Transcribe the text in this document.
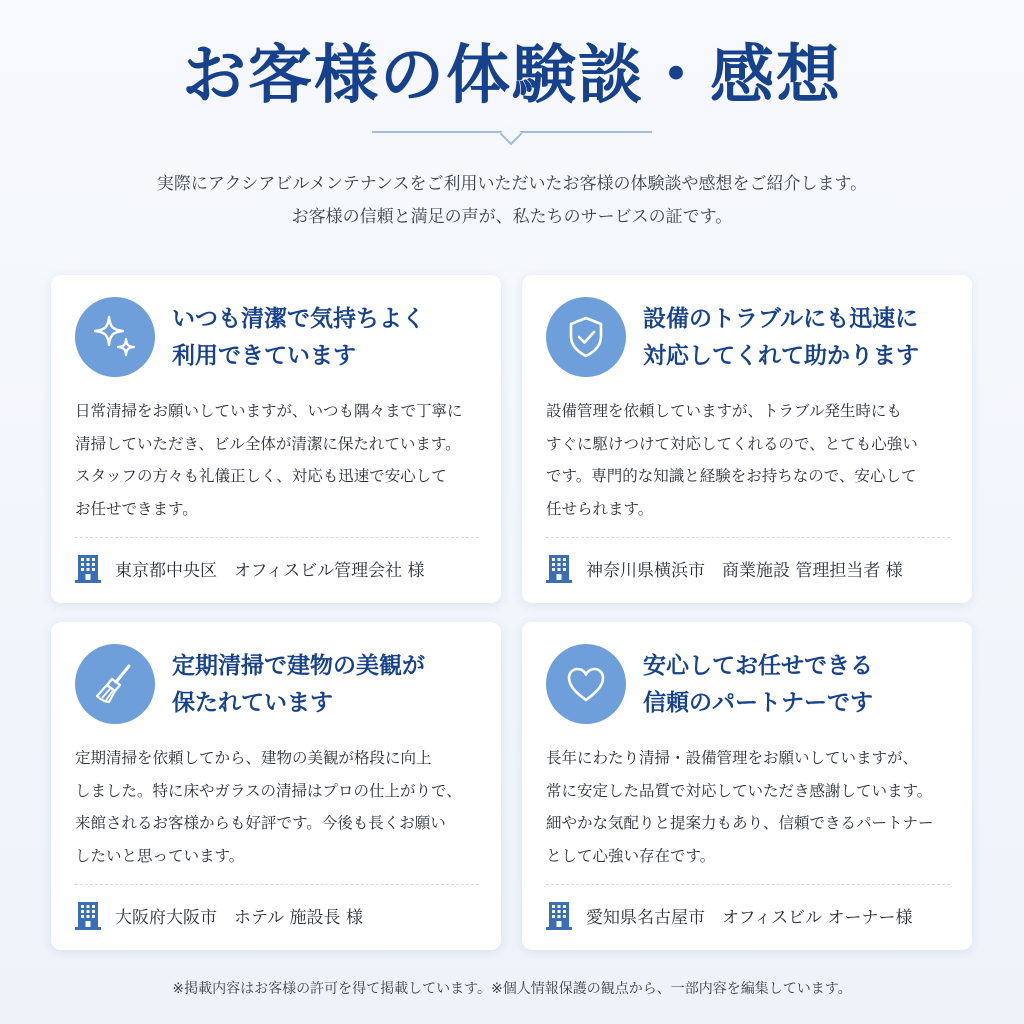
お客様の体験談・感想
実際にアクシアビルメンテナンスをご利用いただいたお客様の体験談や感想をご紹介します。
お客様の信頼と満足の声が、私たちのサービスの証です。
いつも清潔で気持ちよく
利用できています
日常清掃をお願いしていますが、いつも隅々まで丁寧に
清掃していただき、ビル全体が清潔に保たれています。
スタッフの方々も礼儀正しく、対応も迅速で安心して
お任せできます。
東京都中央区　オフィスビル管理会社 様
設備のトラブルにも迅速に
対応してくれて助かります
設備管理を依頼していますが、トラブル発生時にも
すぐに駆けつけて対応してくれるので、とても心強い
です。専門的な知識と経験をお持ちなので、安心して
任せられます。
神奈川県横浜市　商業施設 管理担当者 様
定期清掃で建物の美観が
保たれています
定期清掃を依頼してから、建物の美観が格段に向上
しました。特に床やガラスの清掃はプロの仕上がりで、
来館されるお客様からも好評です。今後も長くお願い
したいと思っています。
大阪府大阪市　ホテル 施設長 様
安心してお任せできる
信頼のパートナーです
長年にわたり清掃・設備管理をお願いしていますが、
常に安定した品質で対応していただき感謝しています。
細やかな気配りと提案力もあり、信頼できるパートナー
として心強い存在です。
愛知県名古屋市　オフィスビル オーナー様
※掲載内容はお客様の許可を得て掲載しています。※個人情報保護の観点から、一部内容を編集しています。
